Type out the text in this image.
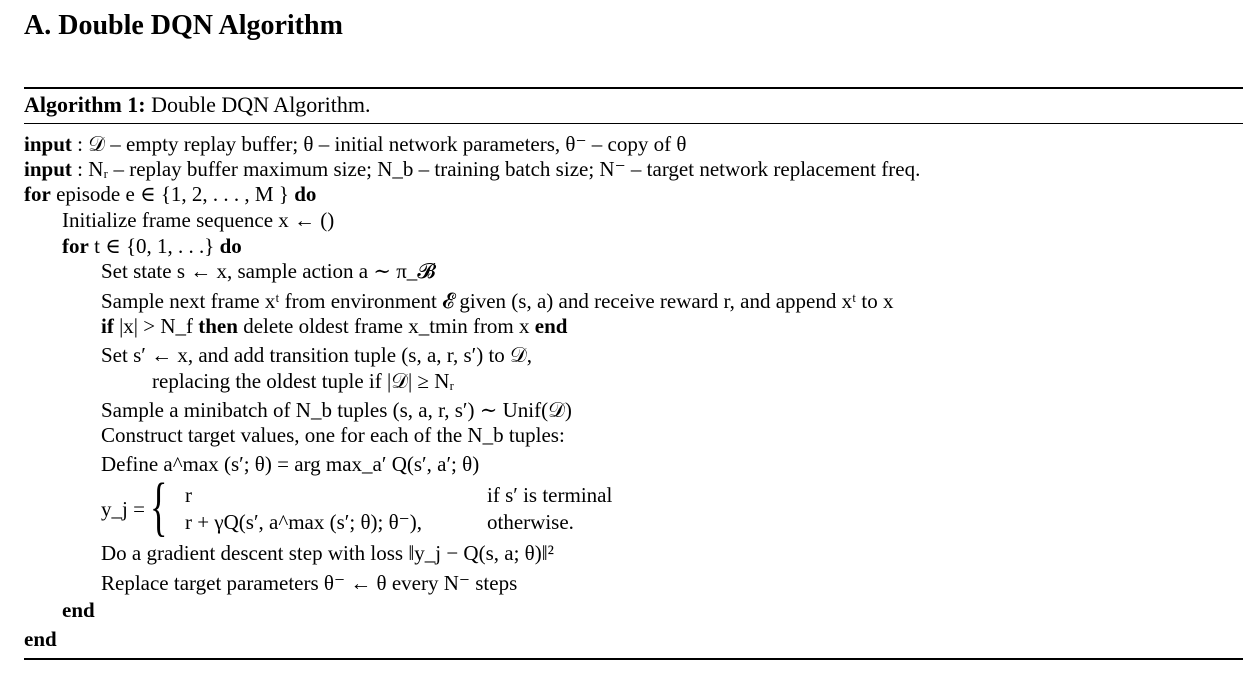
A. Double DQN Algorithm
Algorithm 1: Double DQN Algorithm.
input : 𝒟 – empty replay buffer; θ – initial network parameters, θ⁻ – copy of θ
input : Nᵣ – replay buffer maximum size; N_b – training batch size; N⁻ – target network replacement freq.
for episode e ∈ {1, 2, . . . , M } do
Initialize frame sequence x ← ()
for t ∈ {0, 1, . . .} do
Set state s ← x, sample action a ∼ π_𝓑
Sample next frame xᵗ from environment 𝓔 given (s, a) and receive reward r, and append xᵗ to x
if |x| > N_f then delete oldest frame x_tmin from x end
Set s′ ← x, and add transition tuple (s, a, r, s′) to 𝒟,
replacing the oldest tuple if |𝒟| ≥ Nᵣ
Sample a minibatch of N_b tuples (s, a, r, s′) ∼ Unif(𝒟)
Construct target values, one for each of the N_b tuples:
Define a^max (s′; θ) = arg max_a′ Q(s′, a′; θ)
y_j = { r	if s′ is terminal
r + γQ(s′, a^max (s′; θ); θ⁻),	otherwise.
Do a gradient descent step with loss ‖y_j − Q(s, a; θ)‖²
Replace target parameters θ⁻ ← θ every N⁻ steps
end
end
